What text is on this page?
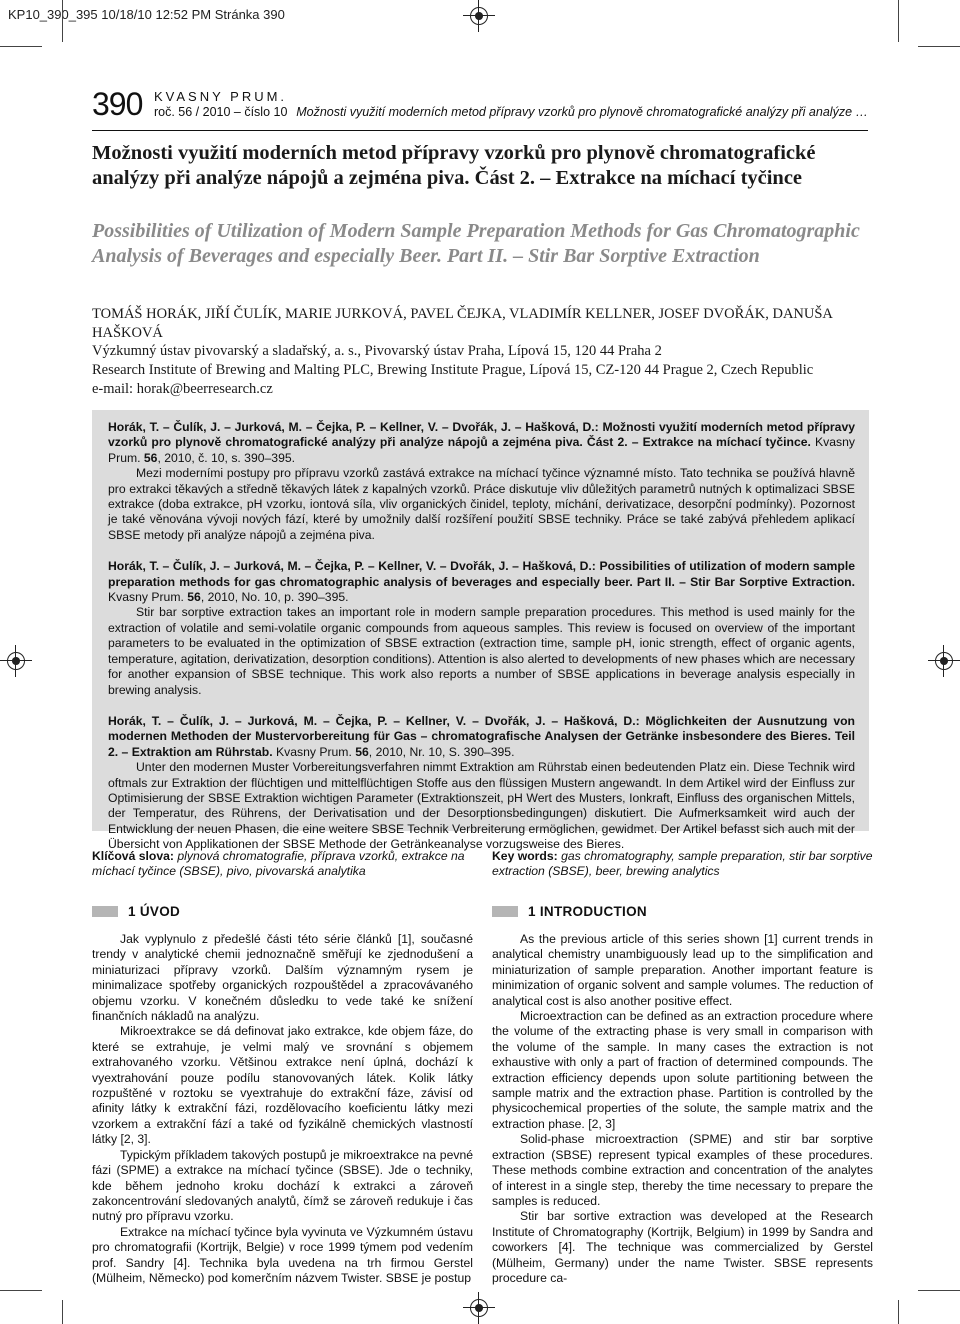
KP10_390_395 10/18/10 12:52 PM Stránka 390
390 KVASNY PRUM.
roč. 56 / 2010 – číslo 10 Možnosti využití moderních metod přípravy vzorků pro plynově chromatografické analýzy při analýze …
Možnosti využití moderních metod přípravy vzorků pro plynově chromatografické analýzy při analýze nápojů a zejména piva. Část 2. – Extrakce na míchací tyčince
Possibilities of Utilization of Modern Sample Preparation Methods for Gas Chromatographic Analysis of Beverages and especially Beer. Part II. – Stir Bar Sorptive Extraction
TOMÁŠ HORÁK, JIŘÍ ČULÍK, MARIE JURKOVÁ, PAVEL ČEJKA, VLADIMÍR KELLNER, JOSEF DVOŘÁK, DANUŠA HAŠKOVÁ
Výzkumný ústav pivovarský a sladařský, a. s., Pivovarský ústav Praha, Lípová 15, 120 44 Praha 2
Research Institute of Brewing and Malting PLC, Brewing Institute Prague, Lípová 15, CZ-120 44 Prague 2, Czech Republic
e-mail: horak@beerresearch.cz

Horák, T. – Čulík, J. – Jurková, M. – Čejka, P. – Kellner, V. – Dvořák, J. – Hašková, D.: Možnosti využití moderních metod přípravy vzorků pro plynově chromatografické analýzy při analýze nápojů a zejména piva. Část 2. – Extrakce na míchací tyčince. Kvasny Prum. 56, 2010, č. 10, s. 390–395.

Mezi moderními postupy pro přípravu vzorků zastává extrakce na míchací tyčince významné místo. Tato technika se používá hlavně pro extrakci těkavých a středně těkavých látek z kapalných vzorků. Práce diskutuje vliv důležitých parametrů nutných k optimalizaci SBSE extrakce (doba extrakce, pH vzorku, iontová síla, vliv organických činidel, teploty, míchání, derivatizace, desorpční podmínky). Pozornost je také věnována vývoji nových fází, které by umožnily další rozšíření použití SBSE techniky. Práce se také zabývá přehledem aplikací SBSE metody při analýze nápojů a zejména piva.

Horák, T. – Čulík, J. – Jurková, M. – Čejka, P. – Kellner, V. – Dvořák, J. – Hašková, D.: Possibilities of utilization of modern sample preparation methods for gas chromatographic analysis of beverages and especially beer. Part II. – Stir Bar Sorptive Extraction. Kvasny Prum. 56, 2010, No. 10, p. 390–395.

Stir bar sorptive extraction takes an important role in modern sample preparation procedures. This method is used mainly for the extraction of volatile and semi-volatile organic compounds from aqueous samples. This review is focused on overview of the important parameters to be evaluated in the optimization of SBSE extraction (extraction time, sample pH, ionic strength, effect of organic agents, temperature, agitation, derivatization, desorption conditions). Attention is also alerted to developments of new phases which are necessary for another expansion of SBSE technique. This work also reports a number of SBSE applications in beverage analysis especially in brewing analysis.

Horák, T. – Čulík, J. – Jurková, M. – Čejka, P. – Kellner, V. – Dvořák, J. – Hašková, D.: Möglichkeiten der Ausnutzung von modernen Methoden der Mustervorbereitung für Gas – chromatografische Analysen der Getränke insbesondere des Bieres. Teil 2. – Extraktion am Rührstab. Kvasny Prum. 56, 2010, Nr. 10, S. 390–395.

Unter den modernen Muster Vorbereitungsverfahren nimmt Extraktion am Rührstab einen bedeutenden Platz ein. Diese Technik wird oftmals zur Extraktion der flüchtigen und mittelflüchtigen Stoffe aus den flüssigen Mustern angewandt. In dem Artikel wird der Einfluss zur Optimisierung der SBSE Extraktion wichtigen Parameter (Extraktionszeit, pH Wert des Musters, Ionkraft, Einfluss des organischen Mittels, der Temperatur, des Rührens, der Derivatisation und der Desorptionsbedingungen) diskutiert. Die Aufmerksamkeit wird auch der Entwicklung der neuen Phasen, die eine weitere SBSE Technik Verbreiterung ermöglichen, gewidmet. Der Artikel befasst sich auch mit der Übersicht von Applikationen der SBSE Methode der Getränkeanalyse vorzugsweise des Bieres.

Klíčová slova: plynová chromatografie, příprava vzorků, extrakce na míchací tyčince (SBSE), pivo, pivovarská analytika
Key words: gas chromatography, sample preparation, stir bar sorptive extraction (SBSE), beer, brewing analytics
1 ÚVOD	1 INTRODUCTION

Jak vyplynulo z předešlé části této série článků [1], současné trendy v analytické chemii jednoznačně směřují ke zjednodušení a miniaturizaci přípravy vzorků. Dalším významným rysem je minimalizace spotřeby organických rozpouštědel a zpracovávaného objemu vzorku. V konečném důsledku to vede také ke snížení finančních nákladů na analýzu.

Mikroextrakce se dá definovat jako extrakce, kde objem fáze, do které se extrahuje, je velmi malý ve srovnání s objemem extrahovaného vzorku. Většinou extrakce není úplná, dochází k vyextrahování pouze podílu stanovovaných látek. Kolik látky rozpuštěné v roztoku se vyextrahuje do extrakční fáze, závisí od afinity látky k extrakční fázi, rozdělovacího koeficientu látky mezi vzorkem a extrakční fází a také od fyzikálně chemických vlastností látky [2, 3].

Typickým příkladem takových postupů je mikroextrakce na pevné fázi (SPME) a extrakce na míchací tyčince (SBSE). Jde o techniky, kde během jednoho kroku dochází k extrakci a zároveň zakoncentrování sledovaných analytů, čímž se zároveň redukuje i čas nutný pro přípravu vzorku.

Extrakce na míchací tyčince byla vyvinuta ve Výzkumném ústavu pro chromatografii (Kortrijk, Belgie) v roce 1999 týmem pod vedením prof. Sandry [4]. Technika byla uvedena na trh firmou Gerstel (Mülheim, Německo) pod komerčním názvem Twister. SBSE je postup

As the previous article of this series shown [1] current trends in analytical chemistry unambiguously lead up to the simplification and miniaturization of sample preparation. Another important feature is minimization of organic solvent and sample volumes. The reduction of analytical cost is also another positive effect.

Microextraction can be defined as an extraction procedure where the volume of the extracting phase is very small in comparison with the volume of the sample. In many cases the extraction is not exhaustive with only a part of fraction of determined compounds. The extraction efficiency depends upon solute partitioning between the sample matrix and the extraction phase. Partition is controlled by the physicochemical properties of the solute, the sample matrix and the extraction phase. [2, 3]

Solid-phase microextraction (SPME) and stir bar sorptive extraction (SBSE) represent typical examples of these procedures. These methods combine extraction and concentration of the analytes of interest in a single step, thereby the time necessary to prepare the samples is reduced.

Stir bar sortive extraction was developed at the Research Institute of Chromatography (Kortrijk, Belgium) in 1999 by Sandra and coworkers [4]. The technique was commercialized by Gerstel (Mülheim, Germany) under the name Twister. SBSE represents procedure ca-
